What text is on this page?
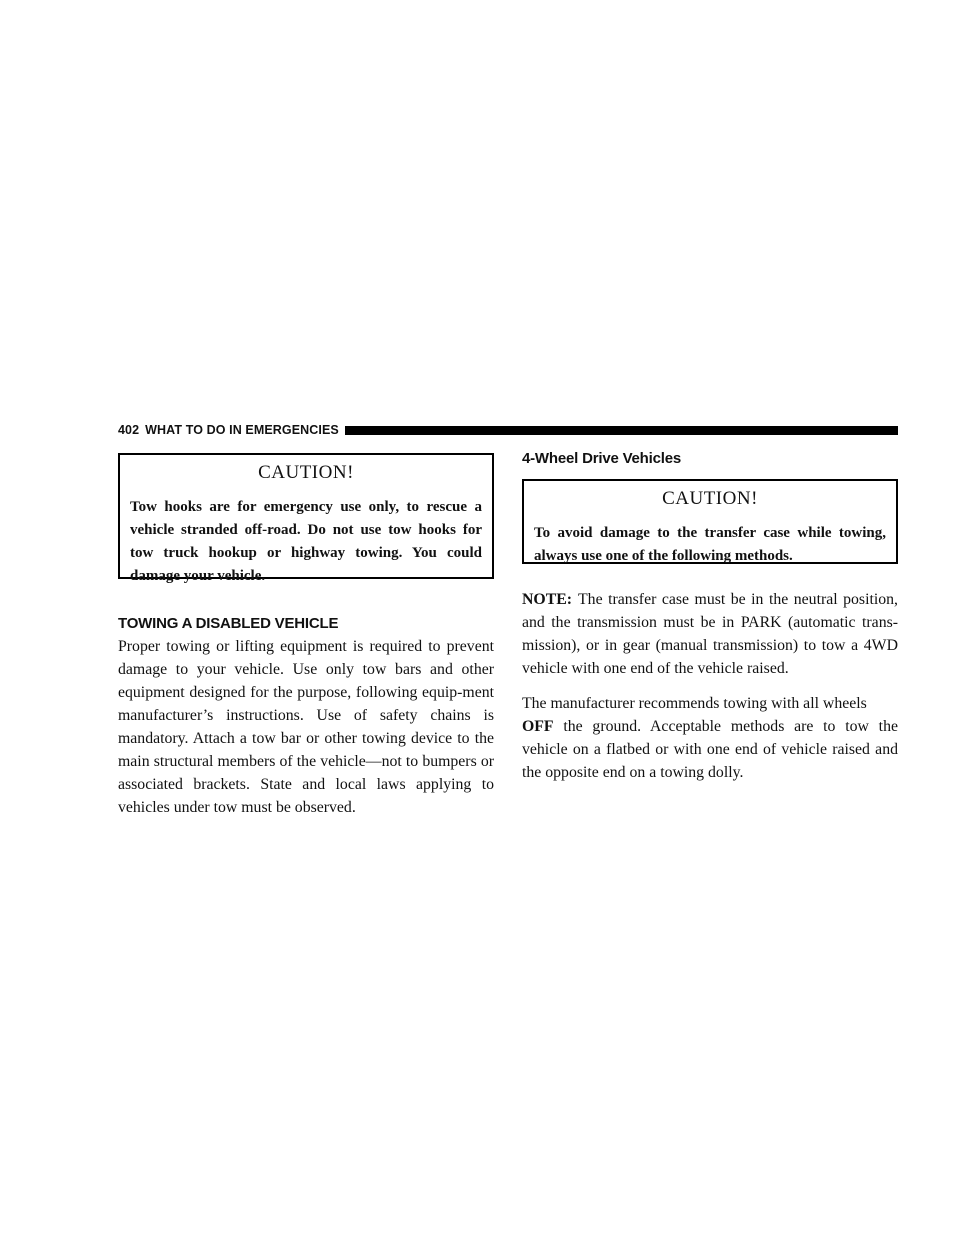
402 WHAT TO DO IN EMERGENCIES
CAUTION!
Tow hooks are for emergency use only, to rescue a vehicle stranded off-road. Do not use tow hooks for tow truck hookup or highway towing. You could damage your vehicle.
TOWING A DISABLED VEHICLE

Proper towing or lifting equipment is required to prevent damage to your vehicle. Use only tow bars and other equipment designed for the purpose, following equip-ment manufacturer’s instructions. Use of safety chains is mandatory. Attach a tow bar or other towing device to the main structural members of the vehicle—not to bumpers or associated brackets. State and local laws applying to vehicles under tow must be observed.

4-Wheel Drive Vehicles
CAUTION!
To avoid damage to the transfer case while towing, always use one of the following methods.

NOTE: The transfer case must be in the neutral position, and the transmission must be in PARK (automatic trans-mission), or in gear (manual transmission) to tow a 4WD vehicle with one end of the vehicle raised.

The manufacturer recommends towing with all wheels
OFF the ground. Acceptable methods are to tow the vehicle on a flatbed or with one end of vehicle raised and the opposite end on a towing dolly.
